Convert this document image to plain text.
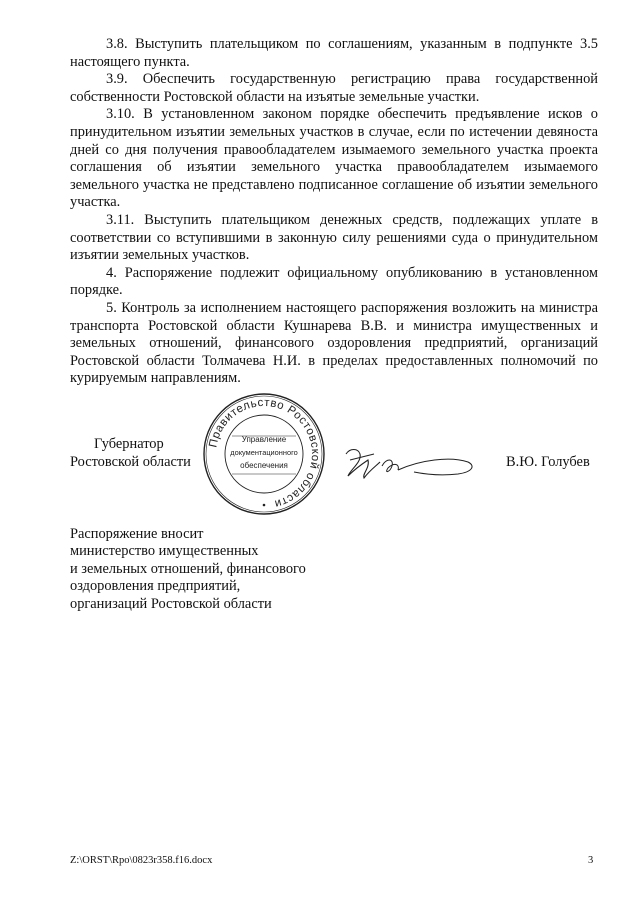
3.8. Выступить плательщиком по соглашениям, указанным в подпункте 3.5 настоящего пункта.

3.9. Обеспечить государственную регистрацию права государственной собственности Ростовской области на изъятые земельные участки.

3.10. В установленном законом порядке обеспечить предъявление исков о принудительном изъятии земельных участков в случае, если по истечении девяноста дней со дня получения правообладателем изымаемого земельного участка проекта соглашения об изъятии земельного участка правообладателем изымаемого земельного участка не представлено подписанное соглашение об изъятии земельного участка.

3.11. Выступить плательщиком денежных средств, подлежащих уплате в соответствии со вступившими в законную силу решениями суда о принудительном изъятии земельных участков.

4. Распоряжение подлежит официальному опубликованию в установленном порядке.

5. Контроль за исполнением настоящего распоряжения возложить на министра транспорта Ростовской области Кушнарева В.В. и министра имущественных и земельных отношений, финансового оздоровления предприятий, организаций Ростовской области Толмачева Н.И. в пределах предоставленных полномочий по курируемым направлениям.

Губернатор
Ростовской области
Правительство Ростовской области
Управление
документационного
обеспечения	В.Ю. Голубев
Распоряжение вносит
министерство имущественных
и земельных отношений, финансового
оздоровления предприятий,
организаций Ростовской области
Z:\ORST\Rpo\0823r358.f16.docx	3
